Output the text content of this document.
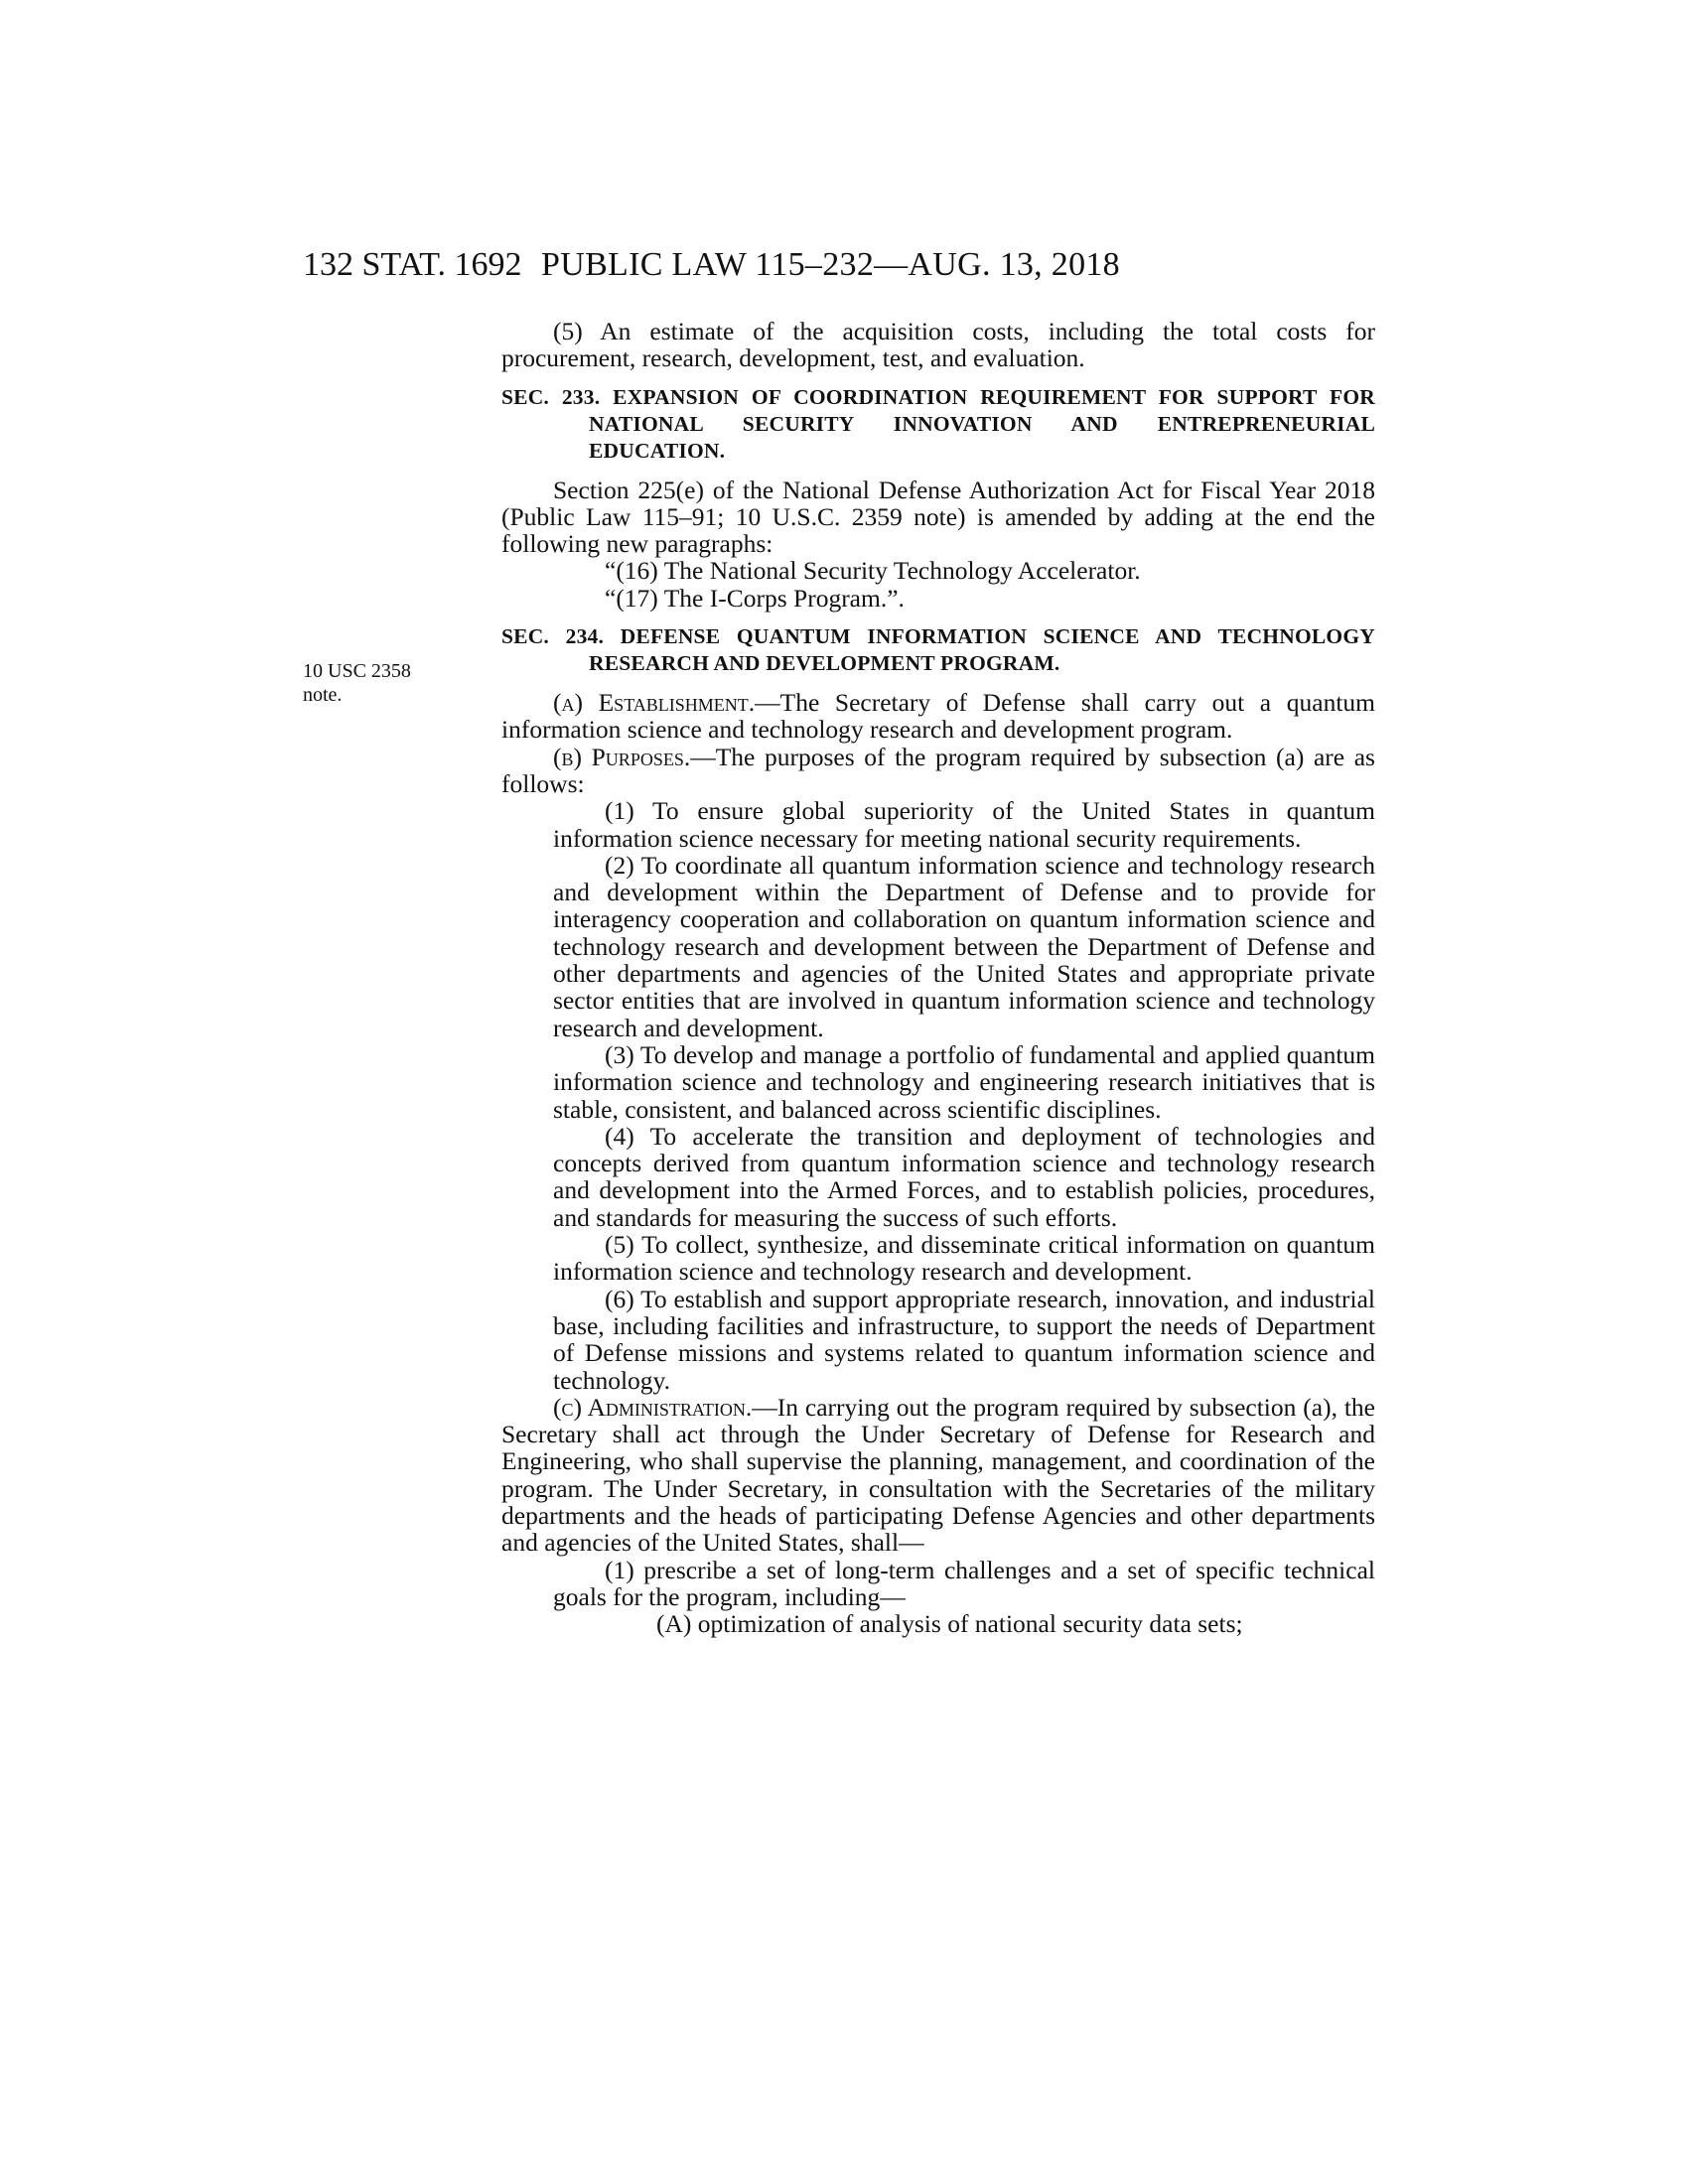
132 STAT. 1692 PUBLIC LAW 115–232—AUG. 13, 2018
10 USC 2358
note.

(5) An estimate of the acquisition costs, including the total costs for procurement, research, development, test, and evaluation.

SEC. 233. EXPANSION OF COORDINATION REQUIREMENT FOR SUPPORT FOR NATIONAL SECURITY INNOVATION AND ENTREPRENEURIAL EDUCATION.

Section 225(e) of the National Defense Authorization Act for Fiscal Year 2018 (Public Law 115–91; 10 U.S.C. 2359 note) is amended by adding at the end the following new paragraphs:

“(16) The National Security Technology Accelerator.

“(17) The I-Corps Program.”.

SEC. 234. DEFENSE QUANTUM INFORMATION SCIENCE AND TECHNOLOGY RESEARCH AND DEVELOPMENT PROGRAM.

(a) Establishment.—The Secretary of Defense shall carry out a quantum information science and technology research and development program.

(b) Purposes.—The purposes of the program required by subsection (a) are as follows:

(1) To ensure global superiority of the United States in quantum information science necessary for meeting national security requirements.

(2) To coordinate all quantum information science and technology research and development within the Department of Defense and to provide for interagency cooperation and collaboration on quantum information science and technology research and development between the Department of Defense and other departments and agencies of the United States and appropriate private sector entities that are involved in quantum information science and technology research and development.

(3) To develop and manage a portfolio of fundamental and applied quantum information science and technology and engineering research initiatives that is stable, consistent, and balanced across scientific disciplines.

(4) To accelerate the transition and deployment of technologies and concepts derived from quantum information science and technology research and development into the Armed Forces, and to establish policies, procedures, and standards for measuring the success of such efforts.

(5) To collect, synthesize, and disseminate critical information on quantum information science and technology research and development.

(6) To establish and support appropriate research, innovation, and industrial base, including facilities and infrastructure, to support the needs of Department of Defense missions and systems related to quantum information science and technology.

(c) Administration.—In carrying out the program required by subsection (a), the Secretary shall act through the Under Secretary of Defense for Research and Engineering, who shall supervise the planning, management, and coordination of the program. The Under Secretary, in consultation with the Secretaries of the military departments and the heads of participating Defense Agencies and other departments and agencies of the United States, shall—

(1) prescribe a set of long-term challenges and a set of specific technical goals for the program, including—

(A) optimization of analysis of national security data sets;
